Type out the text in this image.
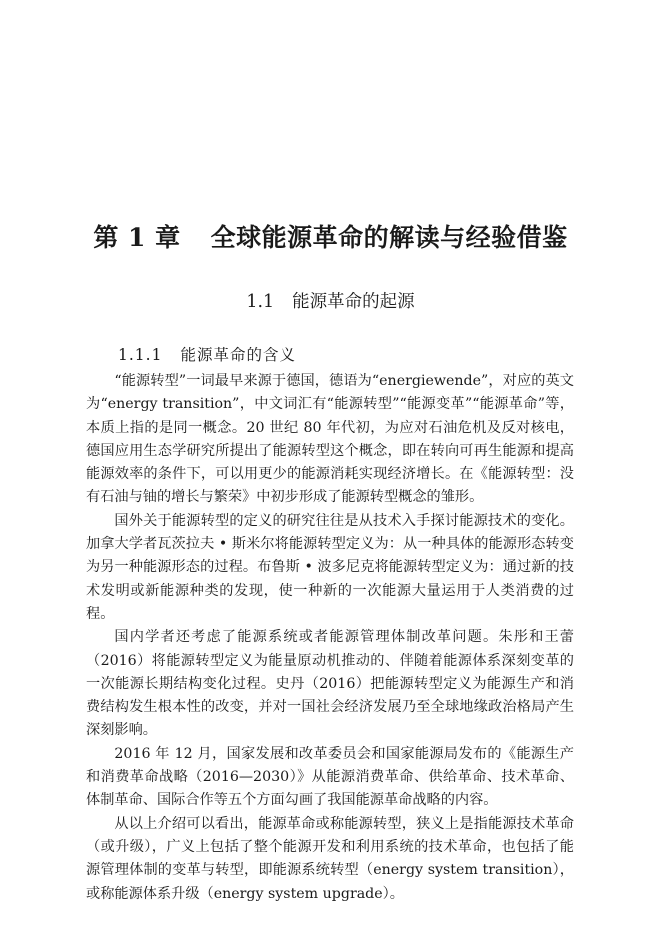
第 1 章 全球能源革命的解读与经验借鉴
1.1 能源革命的起源
1.1.1 能源革命的含义

“能源转型”一词最早来源于德国，德语为“energiewende”，对应的英文为“energy transition”，中文词汇有“能源转型”“能源变革”“能源革命”等，本质上指的是同一概念。20 世纪 80 年代初，为应对石油危机及反对核电，德国应用生态学研究所提出了能源转型这个概念，即在转向可再生能源和提高能源效率的条件下，可以用更少的能源消耗实现经济增长。在《能源转型：没有石油与铀的增长与繁荣》中初步形成了能源转型概念的雏形。

国外关于能源转型的定义的研究往往是从技术入手探讨能源技术的变化。加拿大学者瓦茨拉夫 • 斯米尔将能源转型定义为：从一种具体的能源形态转变为另一种能源形态的过程。布鲁斯 • 波多尼克将能源转型定义为：通过新的技术发明或新能源种类的发现，使一种新的一次能源大量运用于人类消费的过程。

国内学者还考虑了能源系统或者能源管理体制改革问题。朱彤和王蕾（2016）将能源转型定义为能量原动机推动的、伴随着能源体系深刻变革的一次能源长期结构变化过程。史丹（2016）把能源转型定义为能源生产和消费结构发生根本性的改变，并对一国社会经济发展乃至全球地缘政治格局产生深刻影响。

2016 年 12 月，国家发展和改革委员会和国家能源局发布的《能源生产和消费革命战略（2016—2030）》从能源消费革命、供给革命、技术革命、体制革命、国际合作等五个方面勾画了我国能源革命战略的内容。

从以上介绍可以看出，能源革命或称能源转型，狭义上是指能源技术革命（或升级），广义上包括了整个能源开发和利用系统的技术革命，也包括了能源管理体制的变革与转型，即能源系统转型（energy system transition），或称能源体系升级（energy system upgrade）。
